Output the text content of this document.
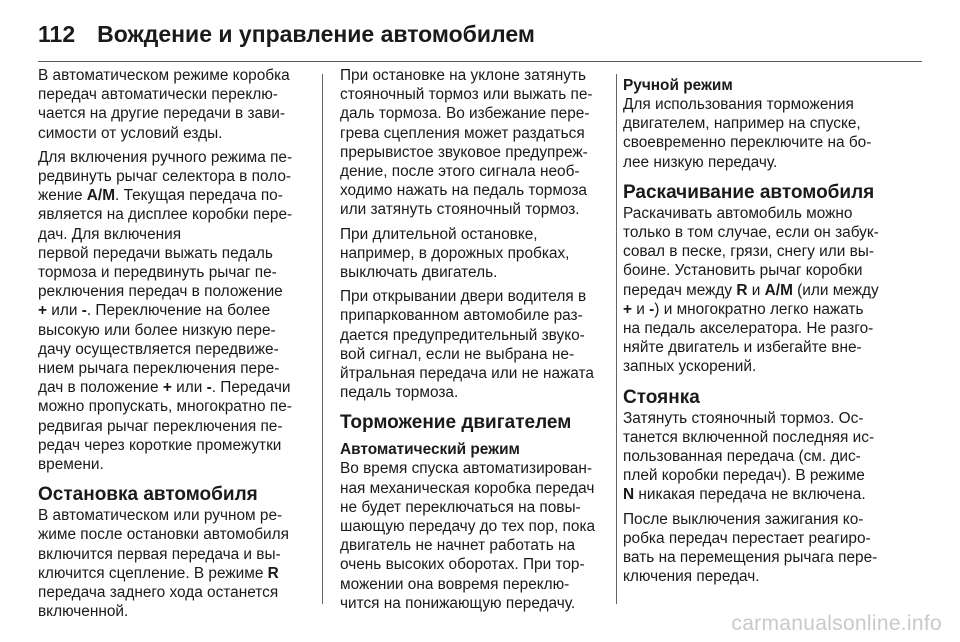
112 Вождение и управление автомобилем

В автоматическом режиме коробка
передач автоматически переклю-
чается на другие передачи в зави-
симости от условий езды.

Для включения ручного режима пе-
редвинуть рычаг селектора в поло-
жение A/M. Текущая передача по-
является на дисплее коробки пере-
дач. Для включения
первой передачи выжать педаль
тормоза и передвинуть рычаг пе-
реключения передач в положение
+ или -. Переключение на более
высокую или более низкую пере-
дачу осуществляется передвиже-
нием рычага переключения пере-
дач в положение + или -. Передачи
можно пропускать, многократно пе-
редвигая рычаг переключения пе-
редач через короткие промежутки
времени.

Остановка автомобиля

В автоматическом или ручном ре-
жиме после остановки автомобиля
включится первая передача и вы-
ключится сцепление. В режиме R
передача заднего хода останется
включенной.

При остановке на уклоне затянуть
стояночный тормоз или выжать пе-
даль тормоза. Во избежание пере-
грева сцепления может раздаться
прерывистое звуковое предупреж-
дение, после этого сигнала необ-
ходимо нажать на педаль тормоза
или затянуть стояночный тормоз.

При длительной остановке,
например, в дорожных пробках,
выключать двигатель.

При открывании двери водителя в
припаркованном автомобиле раз-
дается предупредительный звуко-
вой сигнал, если не выбрана не-
йтральная передача или не нажата
педаль тормоза.

Торможение двигателем
Автоматический режим

Во время спуска автоматизирован-
ная механическая коробка передач
не будет переключаться на повы-
шающую передачу до тех пор, пока
двигатель не начнет работать на
очень высоких оборотах. При тор-
можении она вовремя переклю-
чится на понижающую передачу.

Ручной режим

Для использования торможения
двигателем, например на спуске,
своевременно переключите на бо-
лее низкую передачу.

Раскачивание автомобиля

Раскачивать автомобиль можно
только в том случае, если он забук-
совал в песке, грязи, снегу или вы-
боине. Установить рычаг коробки
передач между R и A/M (или между
+ и -) и многократно легко нажать
на педаль акселератора. Не разго-
няйте двигатель и избегайте вне-
запных ускорений.

Стоянка

Затянуть стояночный тормоз. Ос-
танется включенной последняя ис-
пользованная передача (см. дис-
плей коробки передач). В режиме
N никакая передача не включена.

После выключения зажигания ко-
робка передач перестает реагиро-
вать на перемещения рычага пере-
ключения передач.

carmanualsonline.info
